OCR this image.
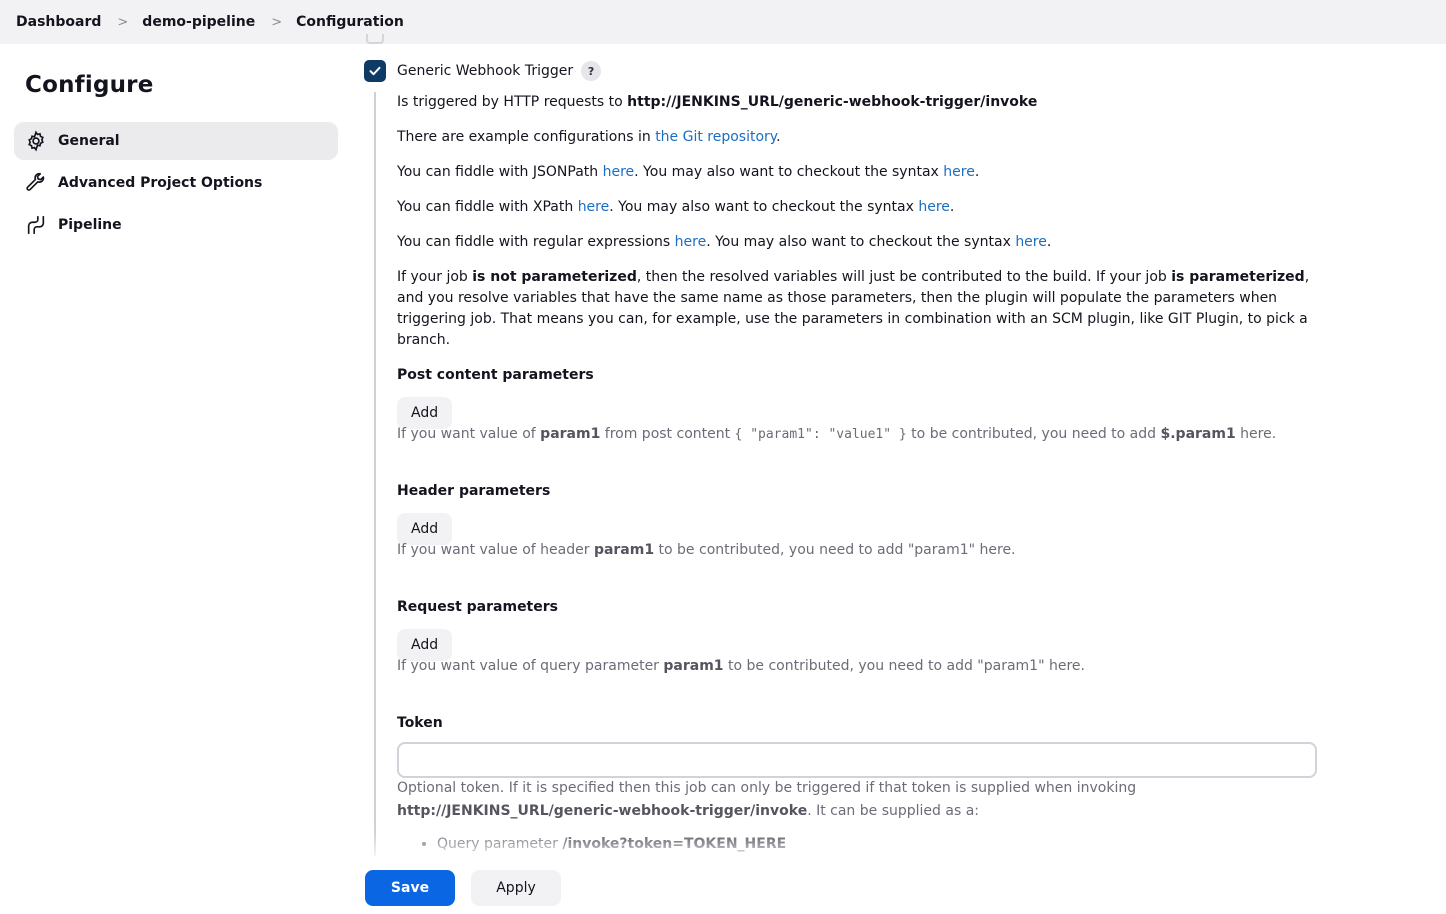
Dashboard > demo-pipeline > Configuration
Configure
General
Advanced Project Options
Pipeline
Generic Webhook Trigger	?

Is triggered by HTTP requests to http://JENKINS_URL/generic-webhook-trigger/invoke

There are example configurations in the Git repository.

You can fiddle with JSONPath here. You may also want to checkout the syntax here.

You can fiddle with XPath here. You may also want to checkout the syntax here.

You can fiddle with regular expressions here. You may also want to checkout the syntax here.

If your job is not parameterized, then the resolved variables will just be contributed to the build. If your job is parameterized, and you resolve variables that have the same name as those parameters, then the plugin will populate the parameters when triggering job. That means you can, for example, use the parameters in combination with an SCM plugin, like GIT Plugin, to pick a branch.

Post content parameters
Add
If you want value of param1 from post content { "param1": "value1" } to be contributed, you need to add $.param1 here.
Header parameters
Add
If you want value of header param1 to be contributed, you need to add "param1" here.
Request parameters
Add
If you want value of query parameter param1 to be contributed, you need to add "param1" here.
Token
Optional token. If it is specified then this job can only be triggered if that token is supplied when invoking http://JENKINS_URL/generic-webhook-trigger/invoke. It can be supplied as a:
• Query parameter /invoke?token=TOKEN_HERE
Save	Apply
